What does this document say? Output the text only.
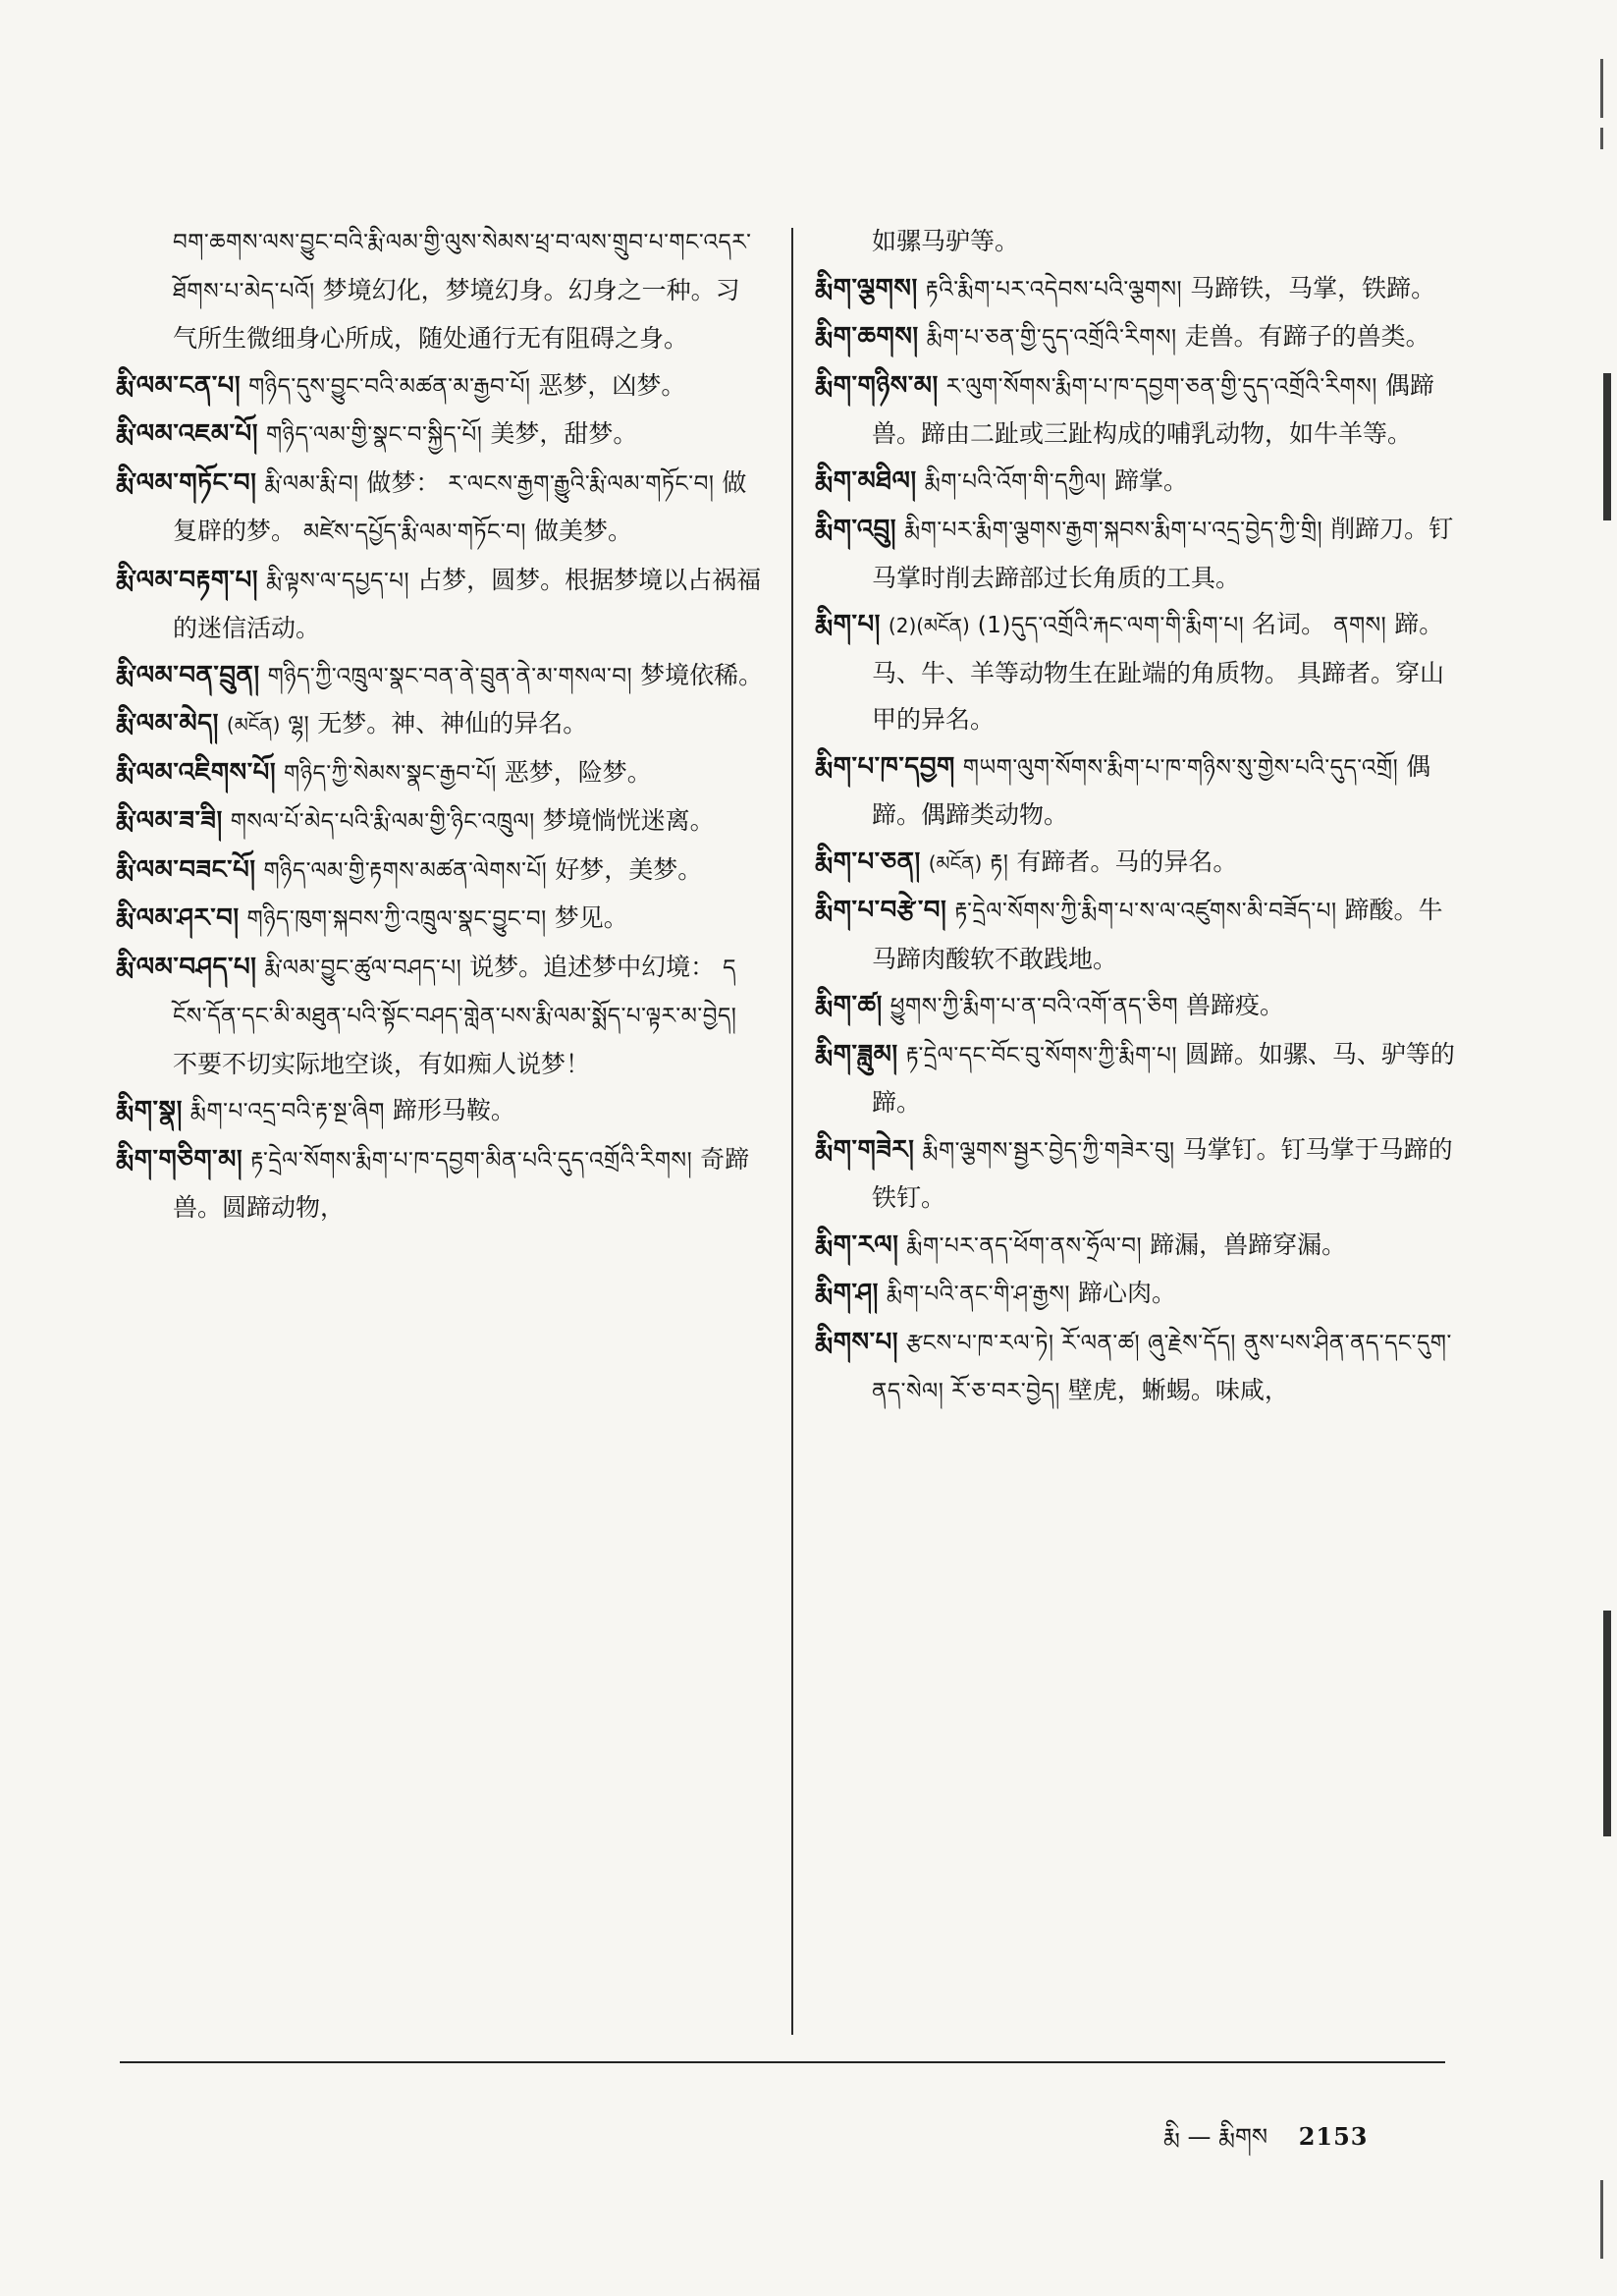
བག་ཆགས་ལས་བྱུང་བའི་རྨི་ལམ་གྱི་ལུས་སེམས་ཕྲ་བ་ལས་གྲུབ་པ་གང་འདར་ཐོགས་པ་མེད་པའོ། 梦境幻化，梦境幻身。幻身之一种。习气所生微细身心所成，随处通行无有阻碍之身。

རྨི་ལམ་ངན་པ། གཉིད་དུས་བྱུང་བའི་མཚན་མ་རྒྱབ་པོ། 恶梦，凶梦。

རྨི་ལམ་འཇམ་པོ། གཉིད་ལམ་གྱི་སྣང་བ་སྐྱིད་པོ། 美梦，甜梦。

རྨི་ལམ་གཏོང་བ། རྨི་ལམ་རྨི་བ། 做梦： ར་ལངས་རྒྱག་རྒྱུའི་རྨི་ལམ་གཏོང་བ། 做复辟的梦。 མཛེས་དཔྱོད་རྨི་ལམ་གཏོང་བ། 做美梦。

རྨི་ལམ་བརྟག་པ། རྨི་ལྟས་ལ་དཔྱད་པ། 占梦，圆梦。根据梦境以占祸福的迷信活动。

རྨི་ལམ་བན་བྲུན། གཉིད་ཀྱི་འཁྲུལ་སྣང་བན་ནེ་བྲུན་ནེ་མ་གསལ་བ། 梦境依稀。

རྨི་ལམ་མེད། (མངོན) ལྷ། 无梦。神、神仙的异名。

རྨི་ལམ་འཇིགས་པོ། གཉིད་ཀྱི་སེམས་སྣང་རྒྱབ་པོ། 恶梦，险梦。

རྨི་ལམ་ཟ་ཟི། གསལ་པོ་མེད་པའི་རྨི་ལམ་གྱི་ཉིང་འཁྲུལ། 梦境惝恍迷离。

རྨི་ལམ་བཟང་པོ། གཉིད་ལམ་གྱི་རྟགས་མཚན་ལེགས་པོ། 好梦，美梦。

རྨི་ལམ་ཤར་བ། གཉིད་ཁུག་སྐབས་ཀྱི་འཁྲུལ་སྣང་བྱུང་བ། 梦见。

རྨི་ལམ་བཤད་པ། རྨི་ལམ་བྱུང་ཚུལ་བཤད་པ། 说梦。追述梦中幻境： དངོས་དོན་དང་མི་མཐུན་པའི་སྟོང་བཤད་གླེན་པས་རྨི་ལམ་སྨོད་པ་ལྟར་མ་བྱེད། 不要不切实际地空谈，有如痴人说梦！

རྨིག་སྣ། རྨིག་པ་འདྲ་བའི་རྟ་སྔ་ཞིག 蹄形马鞍。

རྨིག་གཅིག་མ། རྟ་དྲེལ་སོགས་རྨིག་པ་ཁ་དབྱག་མིན་པའི་དུད་འགྲོའི་རིགས། 奇蹄兽。圆蹄动物，

如骡马驴等。

རྨིག་ལྕགས། རྟའི་རྨིག་པར་འདེབས་པའི་ལྕགས། 马蹄铁，马掌，铁蹄。

རྨིག་ཆགས། རྨིག་པ་ཅན་གྱི་དུད་འགྲོའི་རིགས། 走兽。有蹄子的兽类。

རྨིག་གཉིས་མ། ར་ལུག་སོགས་རྨིག་པ་ཁ་དབྱག་ཅན་གྱི་དུད་འགྲོའི་རིགས། 偶蹄兽。蹄由二趾或三趾构成的哺乳动物，如牛羊等。

རྨིག་མཐིལ། རྨིག་པའི་འོག་གི་དཀྱིལ། 蹄掌。

རྨིག་འབྲུ། རྨིག་པར་རྨིག་ལྕགས་རྒྱག་སྐབས་རྨིག་པ་འདྲ་བྱེད་ཀྱི་གྲི། 削蹄刀。钉马掌时削去蹄部过长角质的工具。

རྨིག་པ། (2)(མངོན) (1)དུད་འགྲོའི་རྐང་ལག་གི་རྨིག་པ། 名词。 ནགས། 蹄。马、牛、羊等动物生在趾端的角质物。 具蹄者。穿山甲的异名。

རྨིག་པ་ཁ་དབྱག གཡག་ལུག་སོགས་རྨིག་པ་ཁ་གཉིས་སུ་གྱེས་པའི་དུད་འགྲོ། 偶蹄。偶蹄类动物。

རྨིག་པ་ཅན། (མངོན) རྟ། 有蹄者。马的异名。

རྨིག་པ་བརྩེ་བ། རྟ་དྲེལ་སོགས་ཀྱི་རྨིག་པ་ས་ལ་འཛུགས་མི་བཟོད་པ། 蹄酸。牛马蹄肉酸软不敢践地。

རྨིག་ཚ། ཕྱུགས་ཀྱི་རྨིག་པ་ན་བའི་འགོ་ནད་ཅིག 兽蹄疫。

རྨིག་ཟླུམ། རྟ་དྲེལ་དང་བོང་བུ་སོགས་ཀྱི་རྨིག་པ། 圆蹄。如骡、马、驴等的蹄。

རྨིག་གཟེར། རྨིག་ལྕགས་སྦྱར་བྱེད་ཀྱི་གཟེར་བུ། 马掌钉。钉马掌于马蹄的铁钉。

རྨིག་རལ། རྨིག་པར་ནད་ཕོག་ནས་ཧྲོལ་བ། 蹄漏，兽蹄穿漏。

རྨིག་ཤ། རྨིག་པའི་ནང་གི་ཤ་རྒྱས། 蹄心肉。

རྨིགས་པ། རྩངས་པ་ཁ་རལ་ཏེ། རོ་ལན་ཚ། ཞུ་རྗེས་དོད། ནུས་པས་ཤིན་ནད་དང་དུག་ནད་སེལ། རོ་ཅ་བར་བྱེད། 壁虎，蜥蜴。味咸，

རྨི — རྨིགས 2153
